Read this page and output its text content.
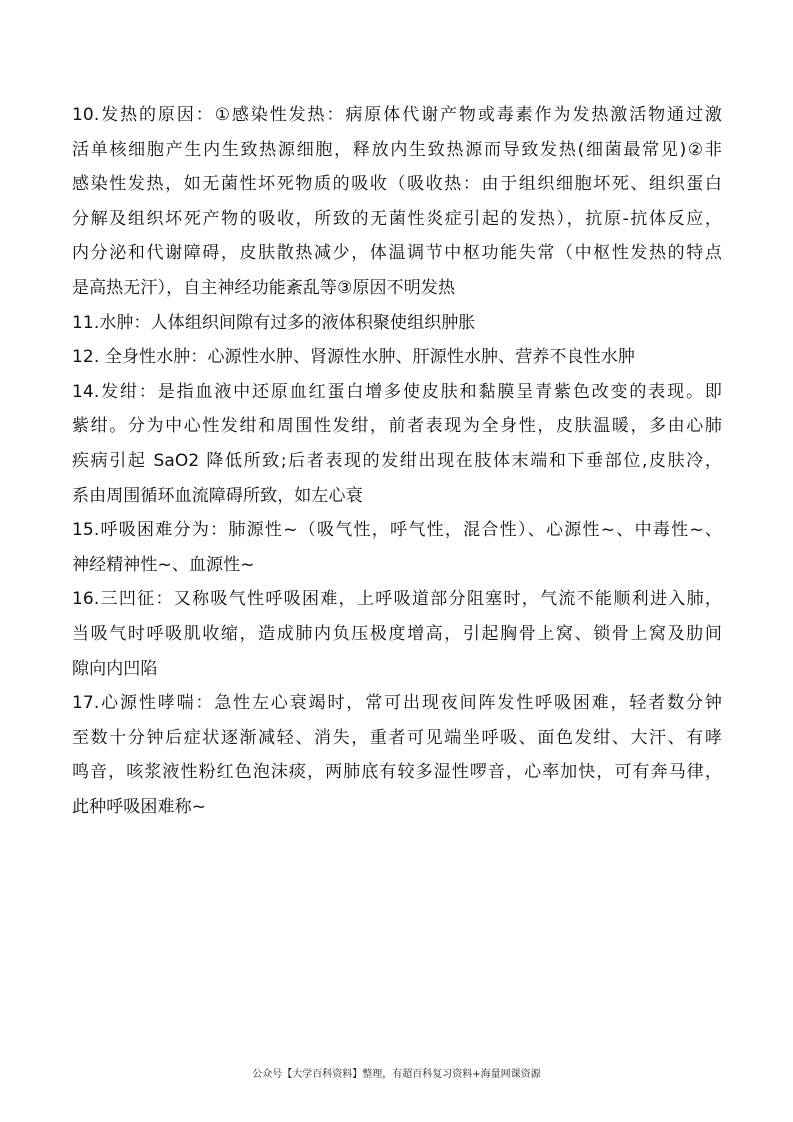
10.发热的原因：①感染性发热：病原体代谢产物或毒素作为发热激活物通过激

活单核细胞产生内生致热源细胞，释放内生致热源而导致发热(细菌最常见)②非

感染性发热，如无菌性坏死物质的吸收（吸收热：由于组织细胞坏死、组织蛋白

分解及组织坏死产物的吸收，所致的无菌性炎症引起的发热），抗原-抗体反应，

内分泌和代谢障碍，皮肤散热减少，体温调节中枢功能失常（中枢性发热的特点

是高热无汗），自主神经功能紊乱等③原因不明发热

11.水肿：人体组织间隙有过多的液体积聚使组织肿胀

12. 全身性水肿：心源性水肿、肾源性水肿、肝源性水肿、营养不良性水肿

14.发绀：是指血液中还原血红蛋白增多使皮肤和黏膜呈青紫色改变的表现。即

紫绀。分为中心性发绀和周围性发绀，前者表现为全身性，皮肤温暖，多由心肺

疾病引起 SaO2 降低所致;后者表现的发绀出现在肢体末端和下垂部位,皮肤冷，

系由周围循环血流障碍所致，如左心衰

15.呼吸困难分为：肺源性~（吸气性，呼气性，混合性）、心源性~、中毒性~、

神经精神性~、血源性~

16.三凹征：又称吸气性呼吸困难，上呼吸道部分阻塞时，气流不能顺利进入肺，

当吸气时呼吸肌收缩，造成肺内负压极度增高，引起胸骨上窝、锁骨上窝及肋间

隙向内凹陷

17.心源性哮喘：急性左心衰竭时，常可出现夜间阵发性呼吸困难，轻者数分钟

至数十分钟后症状逐渐减轻、消失，重者可见端坐呼吸、面色发绀、大汗、有哮

鸣音，咳浆液性粉红色泡沫痰，两肺底有较多湿性啰音，心率加快，可有奔马律，

此种呼吸困难称~

公众号【大学百科资料】整理，有超百科复习资料+海量网课资源
